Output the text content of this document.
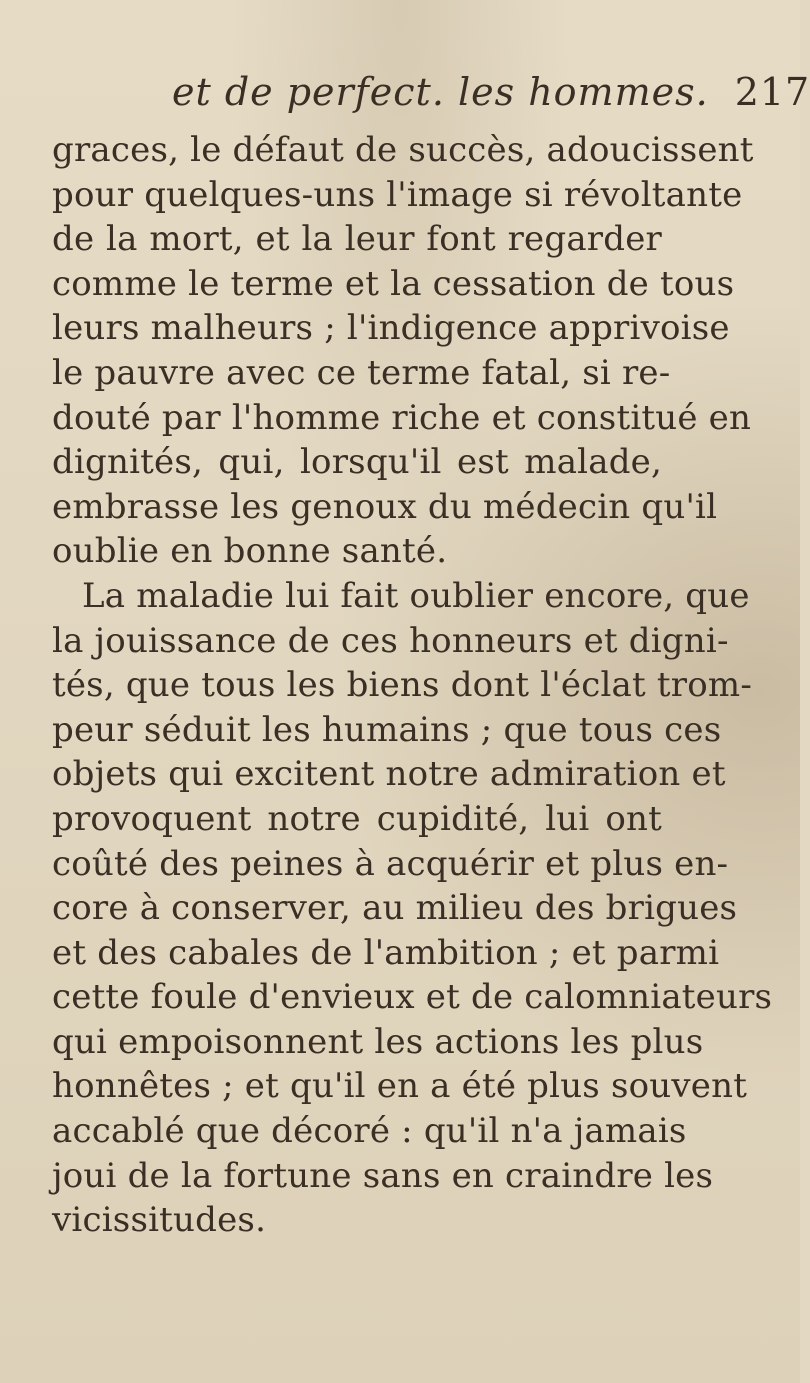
et de perfect. les hommes. 217
graces, le défaut de succès, adoucissent
pour quelques-uns l'image si révoltante
de la mort, et la leur font regarder
comme le terme et la cessation de tous
leurs malheurs ; l'indigence apprivoise
le pauvre avec ce terme fatal, si re-
douté par l'homme riche et constitué en
dignités, qui, lorsqu'il est malade,
embrasse les genoux du médecin qu'il
oublie en bonne santé.
La maladie lui fait oublier encore, que
la jouissance de ces honneurs et digni-
tés, que tous les biens dont l'éclat trom-
peur séduit les humains ; que tous ces
objets qui excitent notre admiration et
provoquent notre cupidité, lui ont
coûté des peines à acquérir et plus en-
core à conserver, au milieu des brigues
et des cabales de l'ambition ; et parmi
cette foule d'envieux et de calomniateurs
qui empoisonnent les actions les plus
honnêtes ; et qu'il en a été plus souvent
accablé que décoré : qu'il n'a jamais
joui de la fortune sans en craindre les
vicissitudes.
